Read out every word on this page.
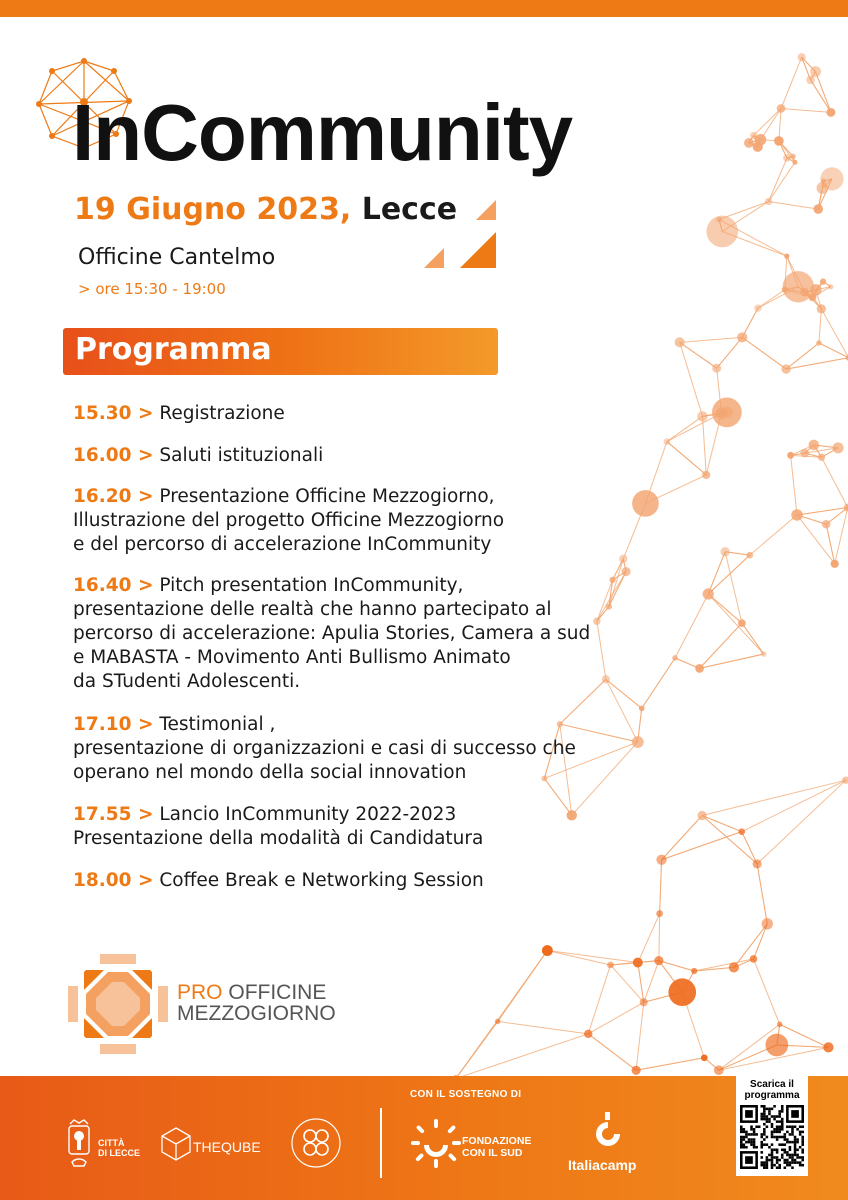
InCommunity
19 Giugno 2023, Lecce
Officine Cantelmo
> ore 15:30 - 19:00
Programma
15.30 > Registrazione
16.00 > Saluti istituzionali
16.20 > Presentazione Officine Mezzogiorno,
Illustrazione del progetto Officine Mezzogiorno
e del percorso di accelerazione InCommunity
16.40 > Pitch presentation InCommunity,
presentazione delle realtà che hanno partecipato al
percorso di accelerazione: Apulia Stories, Camera a sud
e MABASTA - Movimento Anti Bullismo Animato
da STudenti Adolescenti.
17.10 > Testimonial ,
presentazione di organizzazioni e casi di successo che
operano nel mondo della social innovation
17.55 > Lancio InCommunity 2022-2023
Presentazione della modalità di Candidatura
18.00 > Coffee Break e Networking Session
PRO OFFICINE
MEZZOGIORNO
CITTÀ
DI LECCE	THEQUBE
CON IL SOSTEGNO DI
FONDAZIONE
CON IL SUD
Italiacamp
Scarica il
programma
